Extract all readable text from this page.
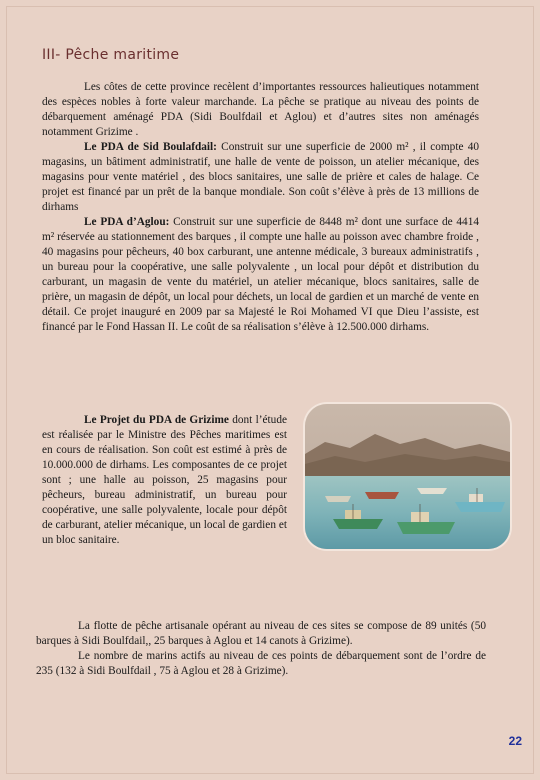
III- Pêche maritime

Les côtes de cette province recèlent d’importantes ressources halieutiques notamment des espèces nobles à forte valeur marchande. La pêche se pratique au niveau des points de débarquement aménagé PDA (Sidi Boulfdail et Aglou) et d’autres sites non aménagés notamment Grizime .

Le PDA de Sid Boulafdail: Construit sur une superficie de 2000 m² , il compte 40 magasins, un bâtiment administratif, une halle de vente de poisson, un atelier mécanique, des magasins pour vente matériel , des blocs sanitaires, une salle de prière et cales de halage. Ce projet est financé par un prêt de la banque mondiale. Son coût s’élève à près de 13 millions de dirhams

Le PDA d’Aglou: Construit sur une superficie de 8448 m² dont une surface de 4414 m² réservée au stationnement des barques , il compte une halle au poisson avec chambre froide , 40 magasins pour pêcheurs, 40 box carburant, une antenne médicale, 3 bureaux administratifs , un bureau pour la coopérative, une salle polyvalente , un local pour dépôt et distribution du carburant, un magasin de vente du matériel, un atelier mécanique, blocs sanitaires, salle de prière, un magasin de dépôt, un local pour déchets, un local de gardien et un marché de vente en détail. Ce projet inauguré en 2009 par sa Majesté le Roi Mohamed VI que Dieu l’assiste, est financé par le Fond Hassan II. Le coût de sa réalisation s’élève à 12.500.000 dirhams.

Le Projet du PDA de Grizime dont l’étude est réalisée par le Ministre des Pêches maritimes est en cours de réalisation. Son coût est estimé à près de 10.000.000 de dirhams. Les composantes de ce projet sont ; une halle au poisson, 25 magasins pour pêcheurs, bureau administratif, un bureau pour coopérative, une salle polyvalente, locale pour dépôt de carburant, atelier mécanique, un local de gardien et un bloc sanitaire.

La flotte de pêche artisanale opérant au niveau de ces sites se compose de 89 unités (50 barques à Sidi Boulfdail,, 25 barques à Aglou et 14 canots à Grizime).

Le nombre de marins actifs au niveau de ces points de débarquement sont de l’ordre de 235 (132 à Sidi Boulfdail , 75 à Aglou et 28 à Grizime).

22
